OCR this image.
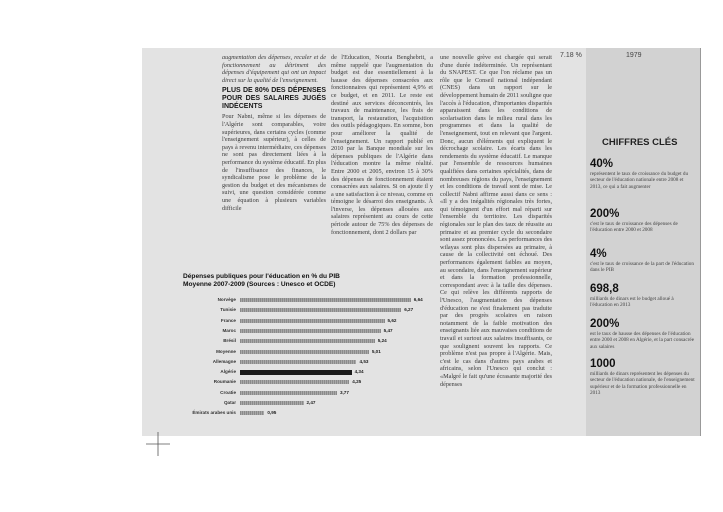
augmentation des dépenses, recaler et de fonctionnement au détriment des dépenses d'équipement qui ont un impact direct sur la qualité de l'enseignement.

PLUS DE 80% DES DÉPENSES POUR DES SALAIRES JUGÉS INDÉCENTS

Pour Nabni, même si les dépenses de l'Algérie sont comparables, voire supérieures, dans certains cycles (comme l'enseignement supérieur), à celles de pays à revenu intermédiaire, ces dépenses ne sont pas directement liées à la performance du système éducatif. En plus de l'insuffisance des finances, le syndicalisme pose le problème de la gestion du budget et des mécanismes de suivi, une question considérée comme une équation à plusieurs variables difficile

de l'Education, Nouria Benghebrit, a même rappelé que l'augmentation du budget est due essentiellement à la hausse des dépenses consacrées aux fonctionnaires qui représentent 4,9% et ce budget, et en 2011. Le reste est destiné aux services déconcentrés, les travaux de maintenance, les frais de transport, la restauration, l'acquisition des outils pédagogiques. En somme, bon pour améliorer la qualité de l'enseignement. Un rapport publié en 2010 par la Banque mondiale sur les dépenses publiques de l'Algérie dans l'éducation montre la même réalité. Entre 2000 et 2005, environ 15 à 30% des dépenses de fonctionnement étaient consacrées aux salaires. Si on ajoute il y a une satisfaction à ce niveau, comme en témoigne le désarroi des enseignants. À l'inverse, les dépenses allouées aux salaires représentent au cours de cette période autour de 75% des dépenses de fonctionnement, dont 2 dollars par

une nouvelle grève est chargée qui serait d'une durée indéterminée. Un représentant du SNAPEST. Ce que l'on réclame pas un rôle que le Conseil national indépendant (CNES) dans un rapport sur le développement humain de 2011 souligne que l'accès à l'éducation, d'importantes disparités apparaissent dans les conditions de scolarisation dans le milieu rural dans les programmes et dans la qualité de l'enseignement, tout en relevant que l'argent. Donc, aucun d'éléments qui expliquent le décrochage scolaire. Les écarts dans les rendements du système éducatif. Le manque par l'ensemble de ressources humaines qualifiées dans certaines spécialités, dans de nombreuses régions du pays, l'enseignement et les conditions de travail sont de mise. Le collectif Nabni affirme aussi dans ce sens : «Il y a des inégalités régionales très fortes, qui témoignent d'un effort mal réparti sur l'ensemble du territoire. Les disparités régionales sur le plan des taux de réussite au primaire et au premier cycle du secondaire sont assez prononcées. Les performances des wilayas sont plus dispersées au primaire, à cause de la collectivité ont échoué. Des performances également faibles au moyen, au secondaire, dans l'enseignement supérieur et dans la formation professionnelle, correspondant avec à la taille des dépenses. Ce qui relève les différents rapports de l'Unesco, l'augmentation des dépenses d'éducation ne s'est finalement pas traduite par des progrès scolaires en raison notamment de la faible motivation des enseignants liée aux mauvaises conditions de travail et surtout aux salaires insuffisants, ce que soulignent souvent les rapports. Ce problème n'est pas propre à l'Algérie. Mais, c'est le cas dans d'autres pays arabes et africains, selon l'Unesco qui conclut : «Malgré le fait qu'une écrasante majorité des dépenses

7.18 %	1979
CHIFFRES CLÉS
40%
représentent le taux de croissance du budget du secteur de l'éducation nationale entre 2008 et 2013, ce qui a fait augmenter
200%
c'est le taux de croissance des dépenses de l'éducation entre 2000 et 2008
4%
c'est le taux de croissance de la part de l'éducation dans le PIB
698,8
milliards de dinars est le budget alloué à l'éducation en 2013
200%
est le taux de hausse des dépenses de l'éducation entre 2000 et 2008 en Algérie, et la part consacrée aux salaires
1000
milliards de dinars représentent les dépenses du secteur de l'éducation nationale, de l'enseignement supérieur et de la formation professionnelle en 2013
Dépenses publiques pour l'éducation en % du PIB
Moyenne 2007-2009 (Sources : Unesco et OCDE)
Norvège	6,64
Tunisie	6,27
France	5,62
Maroc	5,47
Brésil	5,24
Moyenne	5,01
Allemagne	4,53
Algérie	4,34
Roumanie	4,25
Croatie	3,77
Qatar	2,47
Émirats arabes unis	0,95
